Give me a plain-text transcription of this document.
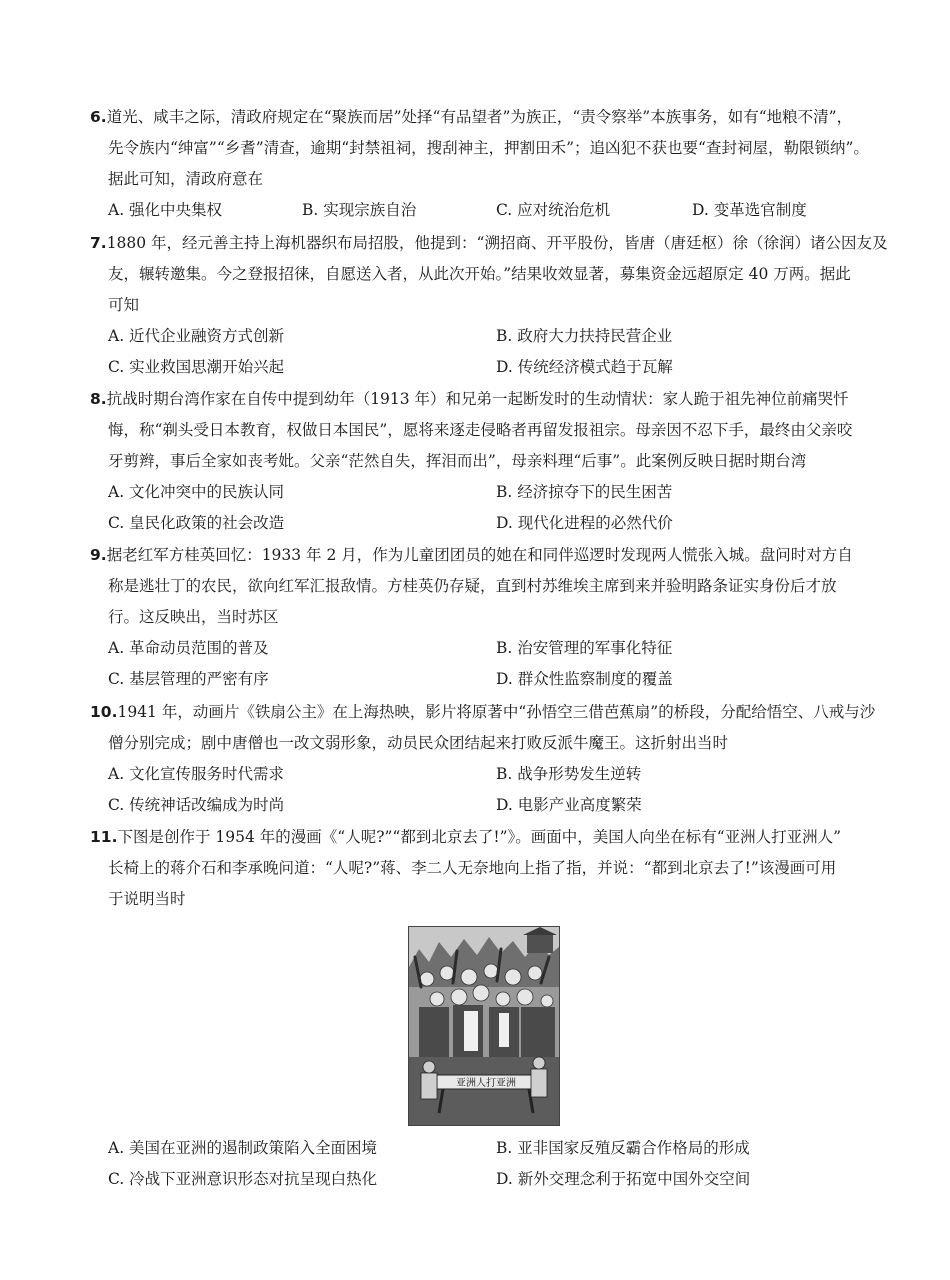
6.道光、咸丰之际，清政府规定在“聚族而居”处择“有品望者”为族正，“责令察举”本族事务，如有“地粮不清”，
先令族内“绅富”“乡耆”清查，逾期“封禁祖祠，搜刮神主，押割田禾”；追凶犯不获也要“查封祠屋，勒限锁纳”。
据此可知，清政府意在
A. 强化中央集权	B. 实现宗族自治	C. 应对统治危机	D. 变革选官制度
7.1880 年，经元善主持上海机器织布局招股，他提到：“溯招商、开平股份，皆唐（唐廷枢）徐（徐润）诸公因友及
友，辗转邀集。今之登报招徕，自愿送入者，从此次开始。”结果收效显著，募集资金远超原定 40 万两。据此
可知
A. 近代企业融资方式创新	B. 政府大力扶持民营企业
C. 实业救国思潮开始兴起	D. 传统经济模式趋于瓦解
8.抗战时期台湾作家在自传中提到幼年（1913 年）和兄弟一起断发时的生动情状：家人跪于祖先神位前痛哭忏
悔，称“剃头受日本教育，权做日本国民”，愿将来逐走侵略者再留发报祖宗。母亲因不忍下手，最终由父亲咬
牙剪辫，事后全家如丧考妣。父亲“茫然自失，挥泪而出”，母亲料理“后事”。此案例反映日据时期台湾
A. 文化冲突中的民族认同	B. 经济掠夺下的民生困苦
C. 皇民化政策的社会改造	D. 现代化进程的必然代价
9.据老红军方桂英回忆：1933 年 2 月，作为儿童团团员的她在和同伴巡逻时发现两人慌张入城。盘问时对方自
称是逃壮丁的农民，欲向红军汇报敌情。方桂英仍存疑，直到村苏维埃主席到来并验明路条证实身份后才放
行。这反映出，当时苏区
A. 革命动员范围的普及	B. 治安管理的军事化特征
C. 基层管理的严密有序	D. 群众性监察制度的覆盖
10.1941 年，动画片《铁扇公主》在上海热映，影片将原著中“孙悟空三借芭蕉扇”的桥段，分配给悟空、八戒与沙
僧分别完成；剧中唐僧也一改文弱形象，动员民众团结起来打败反派牛魔王。这折射出当时
A. 文化宣传服务时代需求	B. 战争形势发生逆转
C. 传统神话改编成为时尚	D. 电影产业高度繁荣
11.下图是创作于 1954 年的漫画《“人呢?”“都到北京去了!”》。画面中，美国人向坐在标有“亚洲人打亚洲人”
长椅上的蒋介石和李承晚问道：“人呢?”蒋、李二人无奈地向上指了指，并说：“都到北京去了!”该漫画可用
于说明当时
亚洲人打亚洲
A. 美国在亚洲的遏制政策陷入全面困境	B. 亚非国家反殖反霸合作格局的形成
C. 冷战下亚洲意识形态对抗呈现白热化	D. 新外交理念利于拓宽中国外交空间
